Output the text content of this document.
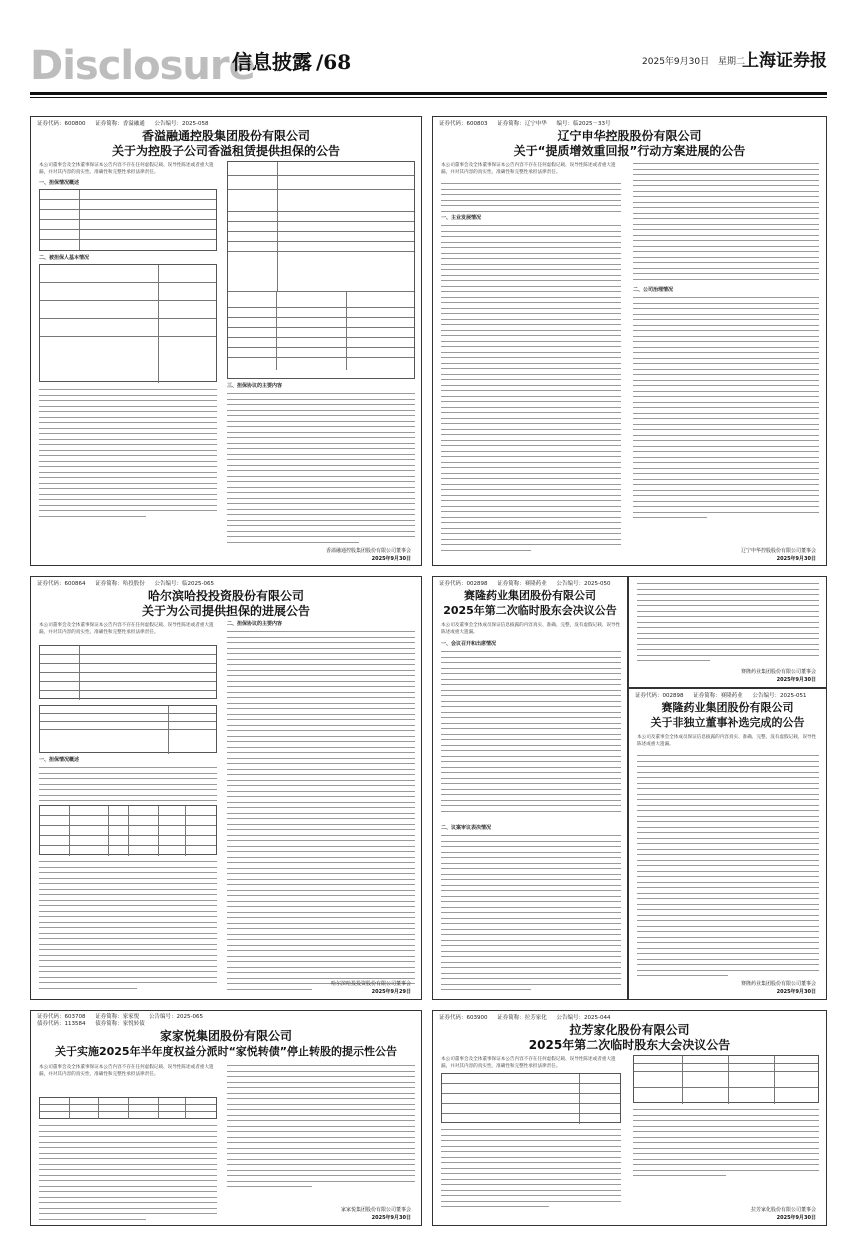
Disclosure
信息披露 /68	2025年9月30日 星期二
上海证券报
证券代码：600800 证券简称：香溢融通 公告编号：2025-058
香溢融通控股集团股份有限公司
关于为控股子公司香溢租赁提供担保的公告
本公司董事会及全体董事保证本公告内容不存在任何虚假记载、误导性陈述或者重大遗漏，并对其内容的真实性、准确性和完整性承担法律责任。
一、担保情况概述
二、被担保人基本情况
三、担保协议的主要内容
香溢融通控股集团股份有限公司董事会
2025年9月30日
证券代码：600803 证券简称：辽宁申华 编号：临2025－33号
辽宁申华控股股份有限公司
关于“提质增效重回报”行动方案进展的公告
本公司董事会及全体董事保证本公告内容不存在任何虚假记载、误导性陈述或者重大遗漏，并对其内容的真实性、准确性和完整性承担法律责任。
一、主业发展情况
二、公司治理情况
辽宁申华控股股份有限公司董事会
2025年9月30日
证券代码：600864 证券简称：哈投股份 公告编号：临2025-065
哈尔滨哈投投资股份有限公司
关于为公司提供担保的进展公告
本公司董事会及全体董事保证本公告内容不存在任何虚假记载、误导性陈述或者重大遗漏，并对其内容的真实性、准确性和完整性承担法律责任。
一、担保情况概述
二、担保协议的主要内容
哈尔滨哈投投资股份有限公司董事会
2025年9月29日
证券代码：002898 证券简称：赛隆药业 公告编号：2025-050
赛隆药业集团股份有限公司
2025年第二次临时股东会决议公告
本公司及董事会全体成员保证信息披露的内容真实、准确、完整，没有虚假记载、误导性陈述或重大遗漏。
一、会议召开和出席情况
二、议案审议表决情况
赛隆药业集团股份有限公司董事会
2025年9月30日
证券代码：002898 证券简称：赛隆药业 公告编号：2025-051
赛隆药业集团股份有限公司
关于非独立董事补选完成的公告
本公司及董事会全体成员保证信息披露的内容真实、准确、完整，没有虚假记载、误导性陈述或重大遗漏。
赛隆药业集团股份有限公司董事会
2025年9月30日
证券代码：603708 证券简称：家家悦 公告编号：2025-065
债券代码：113584 债券简称：家悦转债
家家悦集团股份有限公司
关于实施2025年半年度权益分派时“家悦转债”停止转股的提示性公告
本公司董事会及全体董事保证本公告内容不存在任何虚假记载、误导性陈述或者重大遗漏，并对其内容的真实性、准确性和完整性承担法律责任。
家家悦集团股份有限公司董事会
2025年9月30日
证券代码：603900 证券简称：拉芳家化 公告编号：2025-044
拉芳家化股份有限公司
2025年第二次临时股东大会决议公告
本公司董事会及全体董事保证本公告内容不存在任何虚假记载、误导性陈述或者重大遗漏，并对其内容的真实性、准确性和完整性承担法律责任。
拉芳家化股份有限公司董事会
2025年9月30日
